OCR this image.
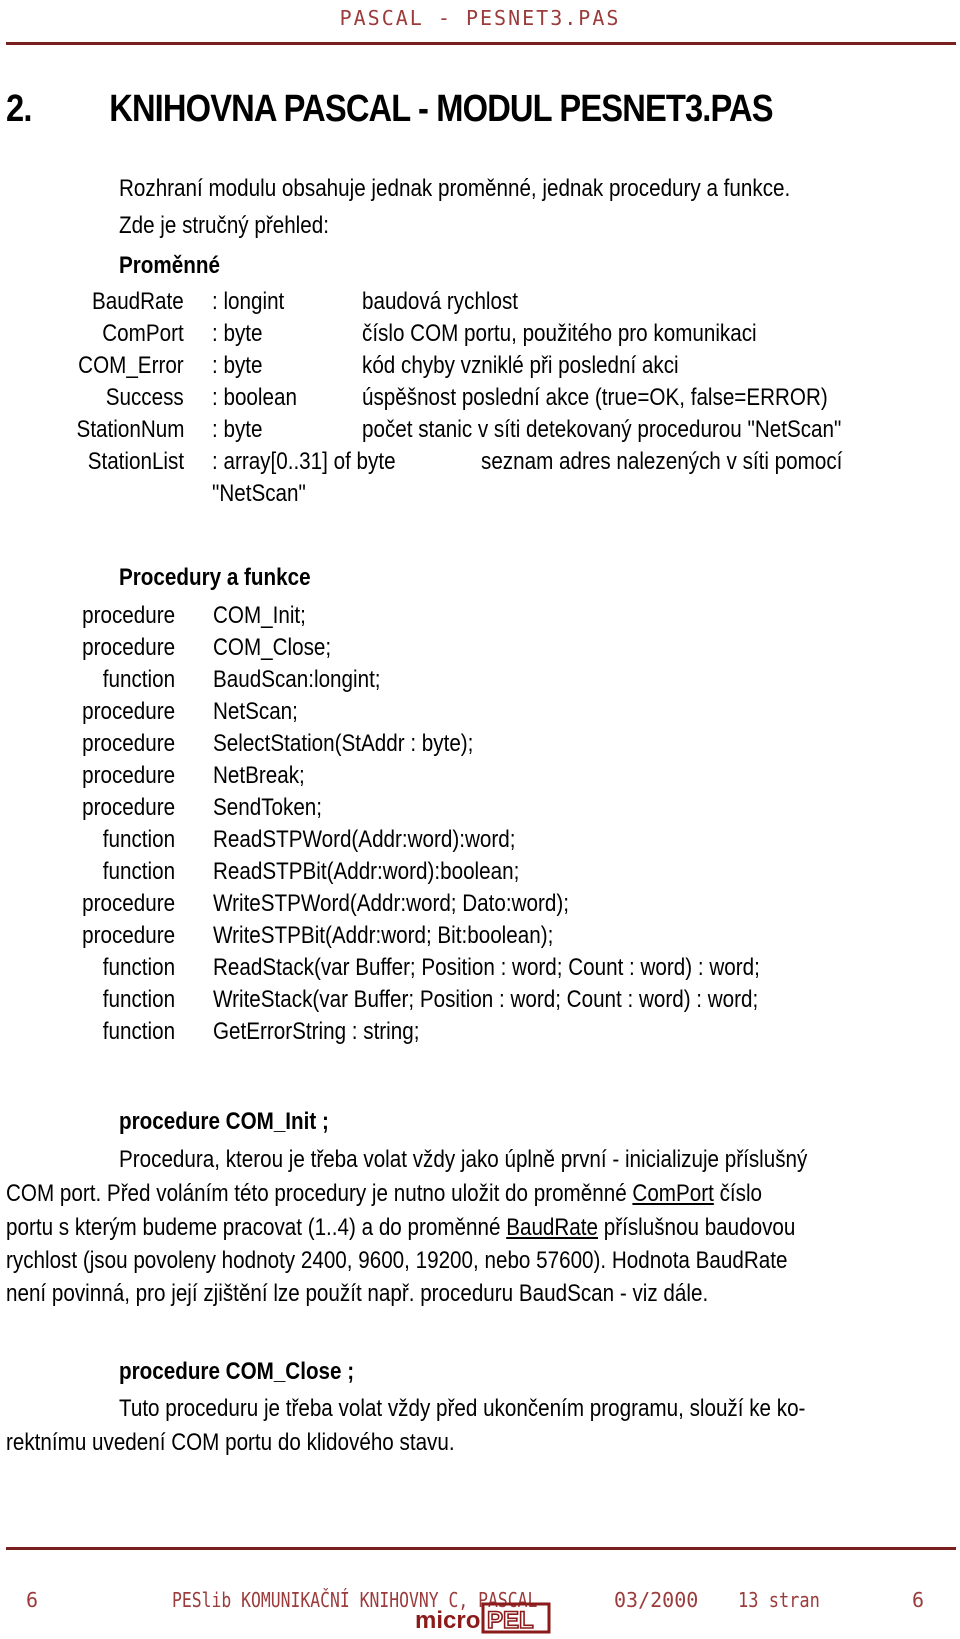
PASCAL - PESNET3.PAS
2. KNIHOVNA PASCAL - MODUL PESNET3.PAS
Rozhraní modulu obsahuje jednak proměnné, jednak procedury a funkce.
Zde je stručný přehled:
Proměnné
BaudRate : longint	baudová rychlost
ComPort : byte	číslo COM portu, použitého pro komunikaci
COM_Error : byte	kód chyby vzniklé při poslední akci
Success : boolean	úspěšnost poslední akce (true=OK, false=ERROR)
StationNum : byte	počet stanic v síti detekovaný procedurou "NetScan"
StationList : array[0..31] of byte	seznam adres nalezených v síti pomocí
"NetScan"
Procedury a funkce
procedure COM_Init;
procedure COM_Close;
function BaudScan:longint;
procedure NetScan;
procedure SelectStation(StAddr : byte);
procedure NetBreak;
procedure SendToken;
function ReadSTPWord(Addr:word):word;
function ReadSTPBit(Addr:word):boolean;
procedure WriteSTPWord(Addr:word; Dato:word);
procedure WriteSTPBit(Addr:word; Bit:boolean);
function ReadStack(var Buffer; Position : word; Count : word) : word;
function WriteStack(var Buffer; Position : word; Count : word) : word;
function GetErrorString : string;
procedure COM_Init ;
Procedura, kterou je třeba volat vždy jako úplně první - inicializuje příslušný
COM port. Před voláním této procedury je nutno uložit do proměnné ComPort číslo
portu s kterým budeme pracovat (1..4) a do proměnné BaudRate příslušnou baudovou
rychlost (jsou povoleny hodnoty 2400, 9600, 19200, nebo 57600). Hodnota BaudRate
není povinná, pro její zjištění lze použít např. proceduru BaudScan - viz dále.
procedure COM_Close ;
Tuto proceduru je třeba volat vždy před ukončením programu, slouží ke ko-
rektnímu uvedení COM portu do klidového stavu.
6	PESlib KOMUNIKAČNÍ KNIHOVNY C, PASCAL	03/2000 13 stran	6
micro PEL
